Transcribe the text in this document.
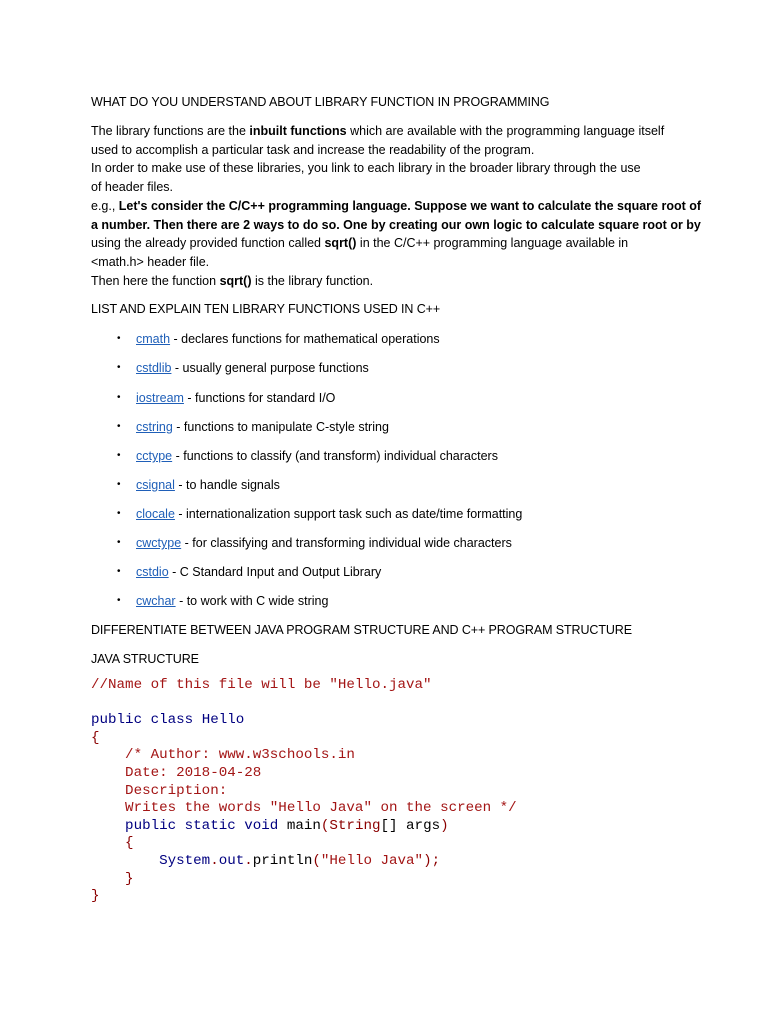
WHAT DO YOU UNDERSTAND ABOUT LIBRARY FUNCTION IN PROGRAMMING
The library functions are the inbuilt functions which are available with the programming language itself
used to accomplish a particular task and increase the readability of the program.
In order to make use of these libraries, you link to each library in the broader library through the use
of header files.
e.g., Let's consider the C/C++ programming language. Suppose we want to calculate the square root of
a number. Then there are 2 ways to do so. One by creating our own logic to calculate square root or by
using the already provided function called sqrt() in the C/C++ programming language available in
<math.h> header file.
Then here the function sqrt() is the library function.
LIST AND EXPLAIN TEN LIBRARY FUNCTIONS USED IN C++
• cmath - declares functions for mathematical operations
• cstdlib - usually general purpose functions
• iostream - functions for standard I/O
• cstring - functions to manipulate C-style string
• cctype - functions to classify (and transform) individual characters
• csignal - to handle signals
• clocale - internationalization support task such as date/time formatting
• cwctype - for classifying and transforming individual wide characters
• cstdio - C Standard Input and Output Library
• cwchar - to work with C wide string
DIFFERENTIATE BETWEEN JAVA PROGRAM STRUCTURE AND C++ PROGRAM STRUCTURE
JAVA STRUCTURE
//Name of this file will be "Hello.java"
public class Hello
{
/* Author: www.w3schools.in
Date: 2018-04-28
Description:
Writes the words "Hello Java" on the screen */
public static void main(String[] args)
{
System.out.println("Hello Java");
}
}
